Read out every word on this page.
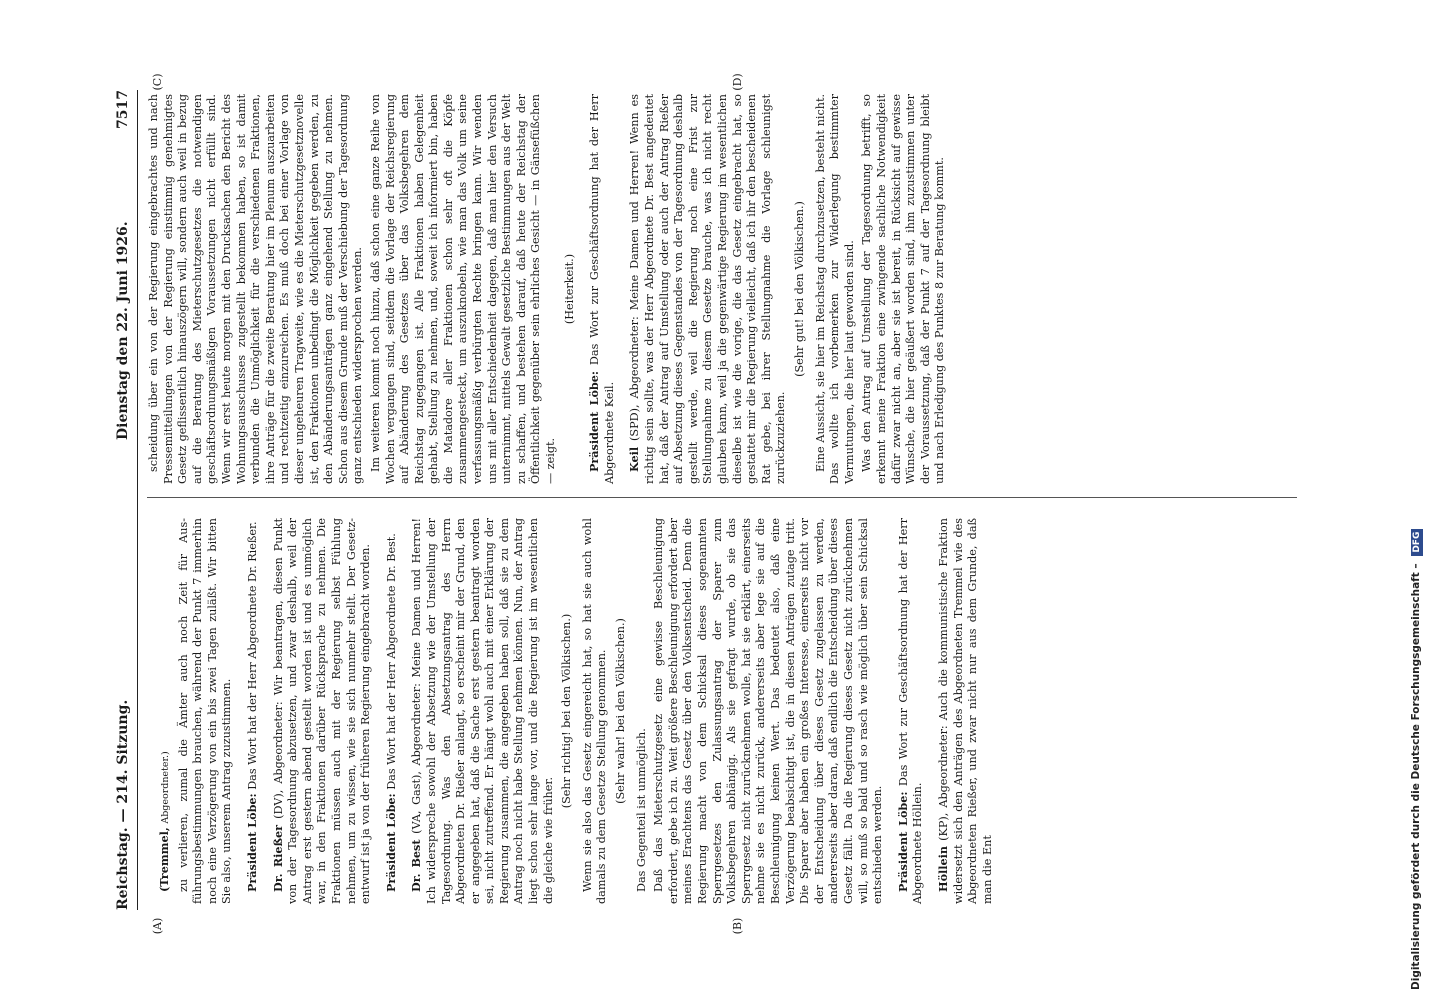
Reichstag. — 214. Sitzung.
Dienstag den 22. Juni 1926.
7517
(A)	(B)
(C)	(D)

(Tremmel, Abgeordneter.) zu verlieren, zumal die Ämter auch noch Zeit für Ausführungsbestimmungen brauchen, während der Punkt 7 immerhin noch eine Verzögerung von ein bis zwei Tagen zuläßt. Wir bitten Sie also, unserem Antrag zuzustimmen. Präsident Löbe: Das Wort hat der Herr Abgeordnete Dr. Rießer.

Dr. Rießer (DV), Abgeordneter: Wir beantragen, diesen Punkt von der Tagesordnung abzusetzen, und zwar deshalb, weil der Antrag erst gestern abend gestellt worden ist und es unmöglich war, in den Fraktionen darüber Rücksprache zu nehmen. Die Fraktionen müssen auch mit der Regierung selbst Fühlung nehmen, um zu wissen, wie sie sich nunmehr stellt. Der Gesetzentwurf ist ja von der früheren Regierung eingebracht worden. Präsident Löbe: Das Wort hat der Herr Abgeordnete Dr. Best.

Dr. Best (VA, Gast), Abgeordneter: Meine Damen und Herren! Ich widerspreche sowohl der Absetzung wie der Umstellung der Tagesordnung. Was den Absetzungsantrag des Herrn Abgeordneten Dr. Rießer anlangt, so erscheint mir der Grund, den er angegeben hat, daß die Sache erst gestern beantragt worden sei, nicht zutreffend. Er hängt wohl auch mit einer Erklärung der Regierung zusammen, die angegeben haben soll, daß sie zu dem Antrag noch nicht habe Stellung nehmen können. Nun, der Antrag liegt schon sehr lange vor, und die Regierung ist im wesentlichen die gleiche wie früher.

(Sehr richtig! bei den Völkischen.) Wenn sie also das Gesetz eingereicht hat, so hat sie auch wohl damals zu dem Gesetze Stellung genommen. (Sehr wahr! bei den Völkischen.)

Das Gegenteil ist unmöglich. Daß das Mieterschutzgesetz eine gewisse Beschleunigung erfordert, gebe ich zu. Weit größere Beschleunigung erfordert aber meines Erachtens das Gesetz über den Volksentscheid. Denn die Regierung macht von dem Schicksal dieses sogenannten Sperrgesetzes den Zulassungsantrag der Sparer zum Volksbegehren abhängig. Als sie gefragt wurde, ob sie das Sperrgesetz nicht zurücknehmen wolle, hat sie erklärt, einerseits nehme sie es nicht zurück, andererseits aber lege sie auf die Beschleunigung keinen Wert. Das bedeutet also, daß eine Verzögerung beabsichtigt ist, die in diesen Anträgen zutage tritt. Die Sparer aber haben ein großes Interesse, einerseits nicht vor der Entscheidung über dieses Gesetz zugelassen zu werden, andererseits aber daran, daß endlich die Entscheidung über dieses Gesetz fällt. Da die Regierung dieses Gesetz nicht zurücknehmen will, so muß so bald und so rasch wie möglich über sein Schicksal entschieden werden. Präsident Löbe: Das Wort zur Geschäftsordnung hat der Herr Abgeordnete Höllein. Höllein (KP), Abgeordneter: Auch die kommunistische Fraktion widersetzt sich den Anträgen des Abgeordneten Tremmel wie des Abgeordneten Rießer, und zwar nicht nur aus dem Grunde, daß man die Ent

scheidung über ein von der Regierung eingebrachtes und nach Pressemitteilungen von der Regierung einstimmig genehmigtes Gesetz geflissentlich hinauszögern will, sondern auch weil in bezug auf die Beratung des Mieterschutzgesetzes die notwendigen geschäftsordnungsmäßigen Voraussetzungen nicht erfüllt sind. Wenn wir erst heute morgen mit den Drucksachen den Bericht des Wohnungsausschusses zugestellt bekommen haben, so ist damit verbunden die Unmöglichkeit für die verschiedenen Fraktionen, ihre Anträge für die zweite Beratung hier im Plenum auszuarbeiten und rechtzeitig einzureichen. Es muß doch bei einer Vorlage von dieser ungeheuren Tragweite, wie es die Mieterschutzgesetznovelle ist, den Fraktionen unbedingt die Möglichkeit gegeben werden, zu den Abänderungsanträgen ganz eingehend Stellung zu nehmen. Schon aus diesem Grunde muß der Verschiebung der Tagesordnung ganz entschieden widersprochen werden. Im weiteren kommt noch hinzu, daß schon eine ganze Reihe von Wochen vergangen sind, seitdem die Vorlage der Reichsregierung auf Abänderung des Gesetzes über das Volksbegehren dem Reichstag zugegangen ist. Alle Fraktionen haben Gelegenheit gehabt, Stellung zu nehmen, und, soweit ich informiert bin, haben die Matadore aller Fraktionen schon sehr oft die Köpfe zusammengesteckt, um auszuknobeln, wie man das Volk um seine verfassungsmäßig verbürgten Rechte bringen kann. Wir wenden uns mit aller Entschiedenheit dagegen, daß man hier den Versuch unternimmt, mittels Gewalt gesetzliche Bestimmungen aus der Welt zu schaffen, und bestehen darauf, daß heute der Reichstag der Öffentlichkeit gegenüber sein ehrliches Gesicht — in Gänsefüßchen — zeigt.

(Heiterkeit.)

Präsident Löbe: Das Wort zur Geschäftsordnung hat der Herr Abgeordnete Keil. Keil (SPD), Abgeordneter: Meine Damen und Herren! Wenn es richtig sein sollte, was der Herr Abgeordnete Dr. Best angedeutet hat, daß der Antrag auf Umstellung oder auch der Antrag Rießer auf Absetzung dieses Gegenstandes von der Tagesordnung deshalb gestellt werde, weil die Regierung noch eine Frist zur Stellungnahme zu diesem Gesetze brauche, was ich nicht recht glauben kann, weil ja die gegenwärtige Regierung im wesentlichen dieselbe ist wie die vorige, die das Gesetz eingebracht hat, so gestattet mir die Regierung vielleicht, daß ich ihr den bescheidenen Rat gebe, bei ihrer Stellungnahme die Vorlage schleunigst zurückzuziehen.

(Sehr gut! bei den Völkischen.) Eine Aussicht, sie hier im Reichstag durchzusetzen, besteht nicht. Das wollte ich vorbemerken zur Widerlegung bestimmter Vermutungen, die hier laut geworden sind. Was den Antrag auf Umstellung der Tagesordnung betrifft, so erkennt meine Fraktion eine zwingende sachliche Notwendigkeit dafür zwar nicht an, aber sie ist bereit, in Rücksicht auf gewisse Wünsche, die hier geäußert worden sind, ihm zuzustimmen unter der Voraussetzung, daß der Punkt 7 auf der Tagesordnung bleibt und nach Erledigung des Punktes 8 zur Beratung kommt.

Digitalisierung gefördert durch die Deutsche Forschungsgemeinschaft – DFG
